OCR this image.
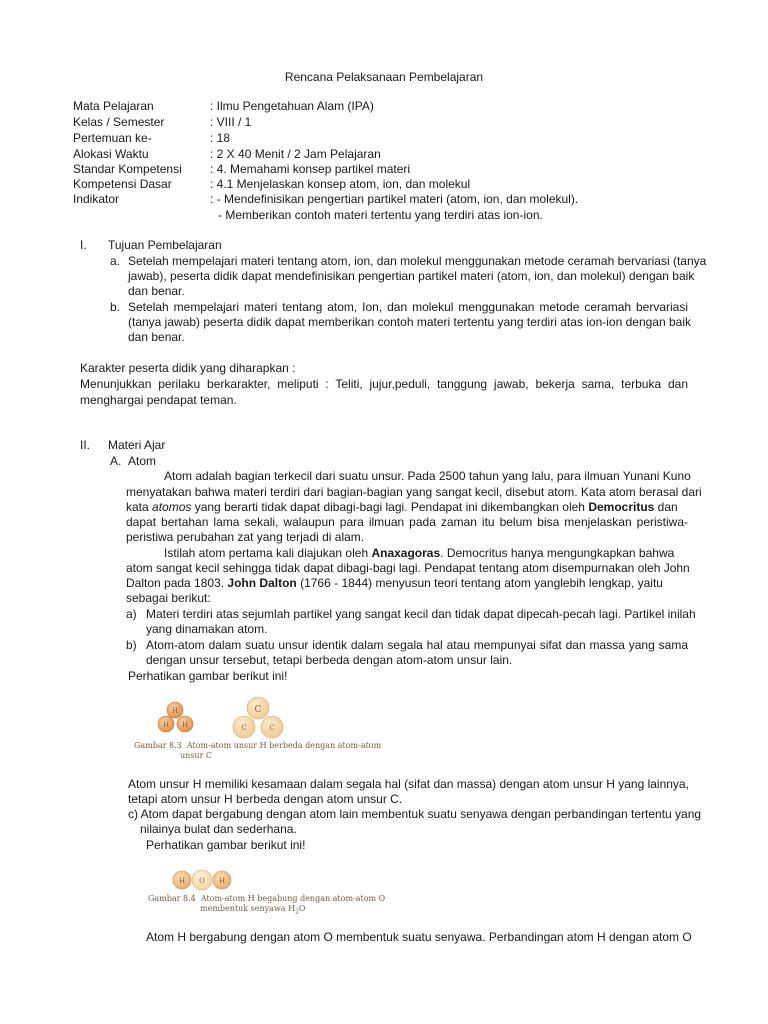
Rencana Pelaksanaan Pembelajaran
Mata Pelajaran	: Ilmu Pengetahuan Alam (IPA)
Kelas / Semester	: VIII / 1
Pertemuan ke-	: 18
Alokasi Waktu	: 2 X 40 Menit / 2 Jam Pelajaran
Standar Kompetensi : 4. Memahami konsep partikel materi
Kompetensi Dasar	: 4.1 Menjelaskan konsep atom, ion, dan molekul
Indikator	: - Mendefinisikan pengertian partikel materi (atom, ion, dan molekul).
- Memberikan contoh materi tertentu yang terdiri atas ion-ion.
I. Tujuan Pembelajaran
a. Setelah mempelajari materi tentang atom, ion, dan molekul menggunakan metode ceramah bervariasi (tanya
jawab), peserta didik dapat mendefinisikan pengertian partikel materi (atom, ion, dan molekul) dengan baik
dan benar.
b. Setelah mempelajari materi tentang atom, Ion, dan molekul menggunakan metode ceramah bervariasi
(tanya jawab) peserta didik dapat memberikan contoh materi tertentu yang terdiri atas ion-ion dengan baik
dan benar.
Karakter peserta didik yang diharapkan :
Menunjukkan perilaku berkarakter, meliputi : Teliti, jujur,peduli, tanggung jawab, bekerja sama, terbuka dan
menghargai pendapat teman.
II. Materi Ajar
A. Atom
Atom adalah bagian terkecil dari suatu unsur. Pada 2500 tahun yang lalu, para ilmuan Yunani Kuno
menyatakan bahwa materi terdiri dari bagian-bagian yang sangat kecil, disebut atom. Kata atom berasal dari
kata atomos yang berarti tidak dapat dibagi-bagi lagi. Pendapat ini dikembangkan oleh Democritus dan
dapat bertahan lama sekali, walaupun para ilmuan pada zaman itu belum bisa menjelaskan peristiwa-
peristiwa perubahan zat yang terjadi di alam.
Istilah atom pertama kali diajukan oleh Anaxagoras. Democritus hanya mengungkapkan bahwa
atom sangat kecil sehingga tidak dapat dibagi-bagi lagi. Pendapat tentang atom disempurnakan oleh John
Dalton pada 1803. John Dalton (1766 - 1844) menyusun teori tentang atom yanglebih lengkap, yaitu
sebagai berikut:
a) Materi terdiri atas sejumlah partikel yang sangat kecil dan tidak dapat dipecah-pecah lagi. Partikel inilah
yang dinamakan atom.
b) Atom-atom dalam suatu unsur identik dalam segala hal atau mempunyai sifat dan massa yang sama
dengan unsur tersebut, tetapi berbeda dengan atom-atom unsur lain.
Perhatikan gambar berikut ini!
H
H H
C
C	C
Gambar 8.3 Atom-atom unsur H berbeda dengan atom-atom
unsur C
Atom unsur H memiliki kesamaan dalam segala hal (sifat dan massa) dengan atom unsur H yang lainnya,
tetapi atom unsur H berbeda dengan atom unsur C.
c) Atom dapat bergabung dengan atom lain membentuk suatu senyawa dengan perbandingan tertentu yang
nilainya bulat dan sederhana.
Perhatikan gambar berikut ini!
H O H
Gambar 8.4 Atom-atom H begabung dengan atom-atom O
membentuk senyawa $H_2O$
Atom H bergabung dengan atom O membentuk suatu senyawa. Perbandingan atom H dengan atom O
